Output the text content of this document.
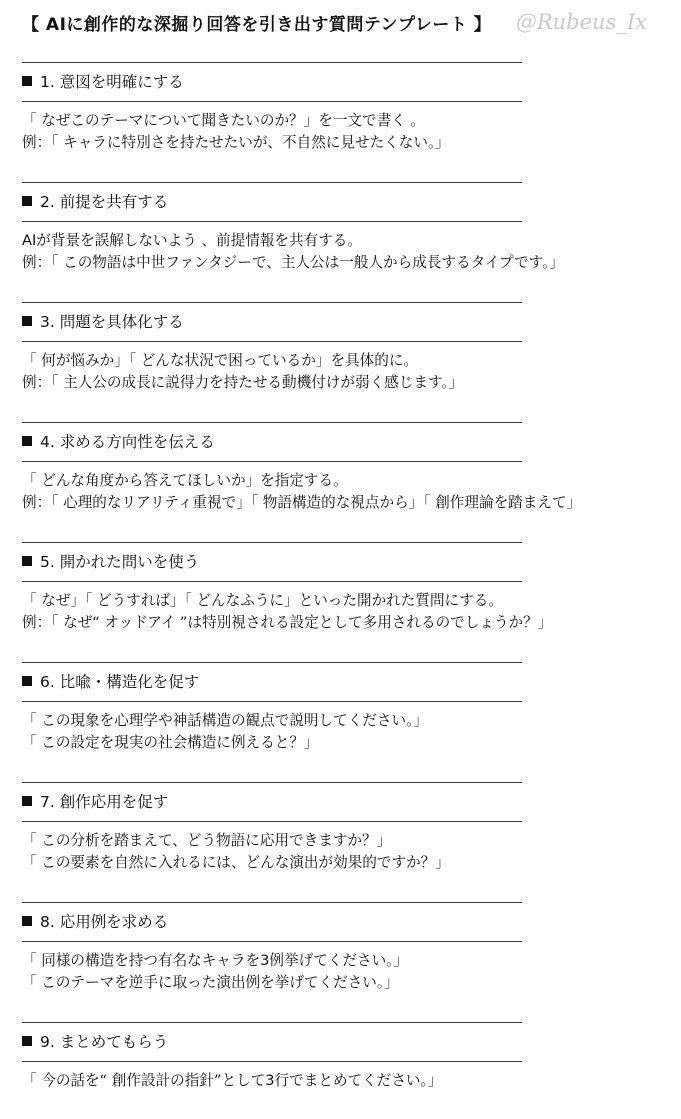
【 AIに創作的な深掘り回答を引き出す質問テンプレート 】 @Rubeus_Ix
1. 意図を明確にする
「 なぜこのテーマについて聞きたいのか？」を一文で書く 。
例：「 キャラに特別さを持たせたいが、不自然に見せたくない。」
2. 前提を共有する
AIが背景を誤解しないよう 、前提情報を共有する。
例：「 この物語は中世ファンタジーで、主人公は一般人から成長するタイプです。」
3. 問題を具体化する
「 何が悩みか」「 どんな状況で困っているか」を具体的に。
例：「 主人公の成長に説得力を持たせる動機付けが弱く感じます。」
4. 求める方向性を伝える
「 どんな角度から答えてほしいか」を指定する。
例：「 心理的なリアリティ重視で」「 物語構造的な視点から」「 創作理論を踏まえて」
5. 開かれた問いを使う
「 なぜ」「 どうすれば」「 どんなふうに」といった開かれた質問にする。
例：「 なぜ“ オッドアイ ”は特別視される設定として多用されるのでしょうか？」
6. 比喩・構造化を促す
「 この現象を心理学や神話構造の観点で説明してください。」
「 この設定を現実の社会構造に例えると？」
7. 創作応用を促す
「 この分析を踏まえて、どう物語に応用できますか？」
「 この要素を自然に入れるには、どんな演出が効果的ですか？」
8. 応用例を求める
「 同様の構造を持つ有名なキャラを3例挙げてください。」
「 このテーマを逆手に取った演出例を挙げてください。」
9. まとめてもらう
「 今の話を“ 創作設計の指針”として3行でまとめてください。」
